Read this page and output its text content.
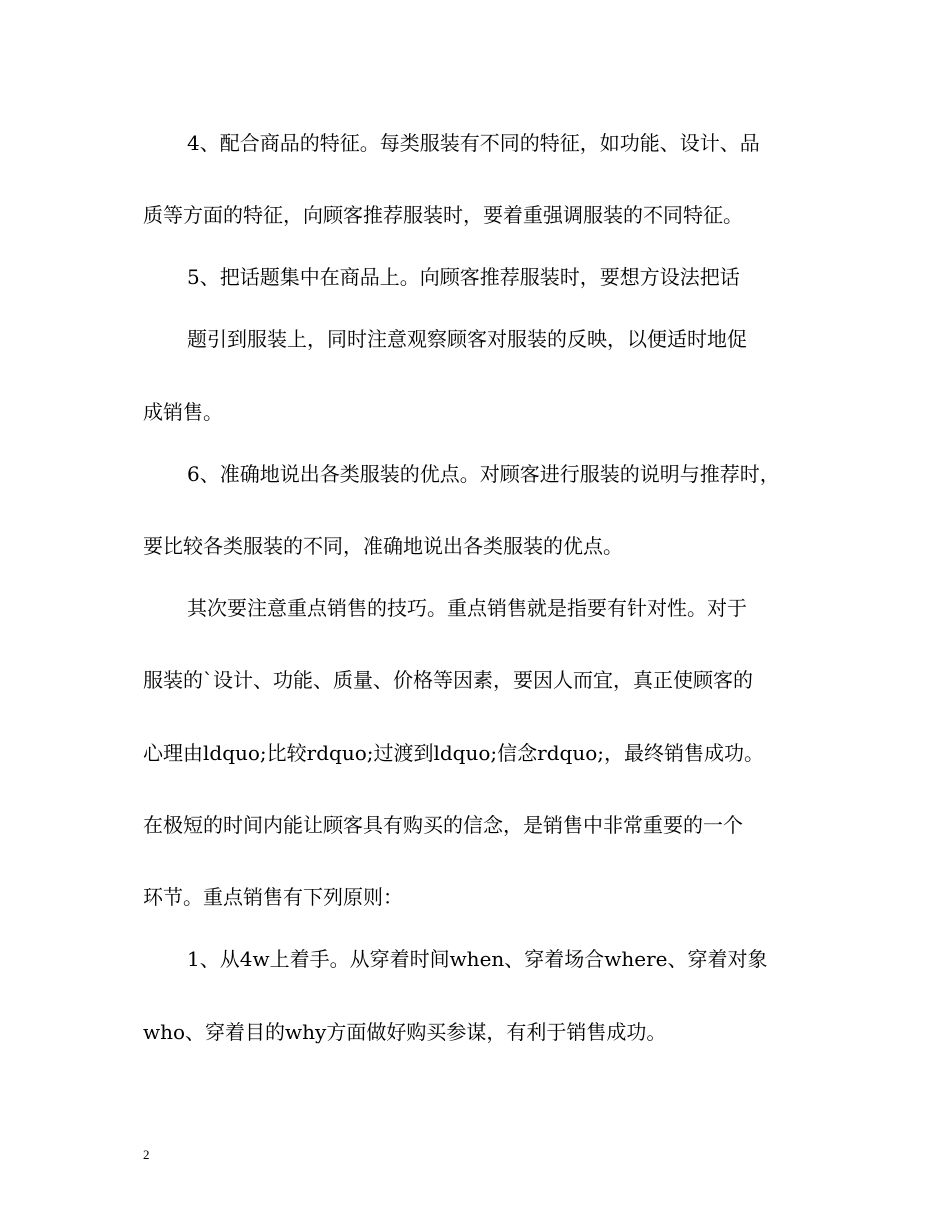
4、配合商品的特征。每类服装有不同的特征，如功能、设计、品

质等方面的特征，向顾客推荐服装时，要着重强调服装的不同特征。

5、把话题集中在商品上。向顾客推荐服装时，要想方设法把话

题引到服装上，同时注意观察顾客对服装的反映，以便适时地促

成销售。

6、准确地说出各类服装的优点。对顾客进行服装的说明与推荐时，

要比较各类服装的不同，准确地说出各类服装的优点。

其次要注意重点销售的技巧。重点销售就是指要有针对性。对于

服装的`设计、功能、质量、价格等因素，要因人而宜，真正使顾客的

心理由ldquo;比较rdquo;过渡到ldquo;信念rdquo;，最终销售成功。

在极短的时间内能让顾客具有购买的信念，是销售中非常重要的一个

环节。重点销售有下列原则：

1、从4w上着手。从穿着时间when、穿着场合where、穿着对象

who、穿着目的why方面做好购买参谋，有利于销售成功。

2
